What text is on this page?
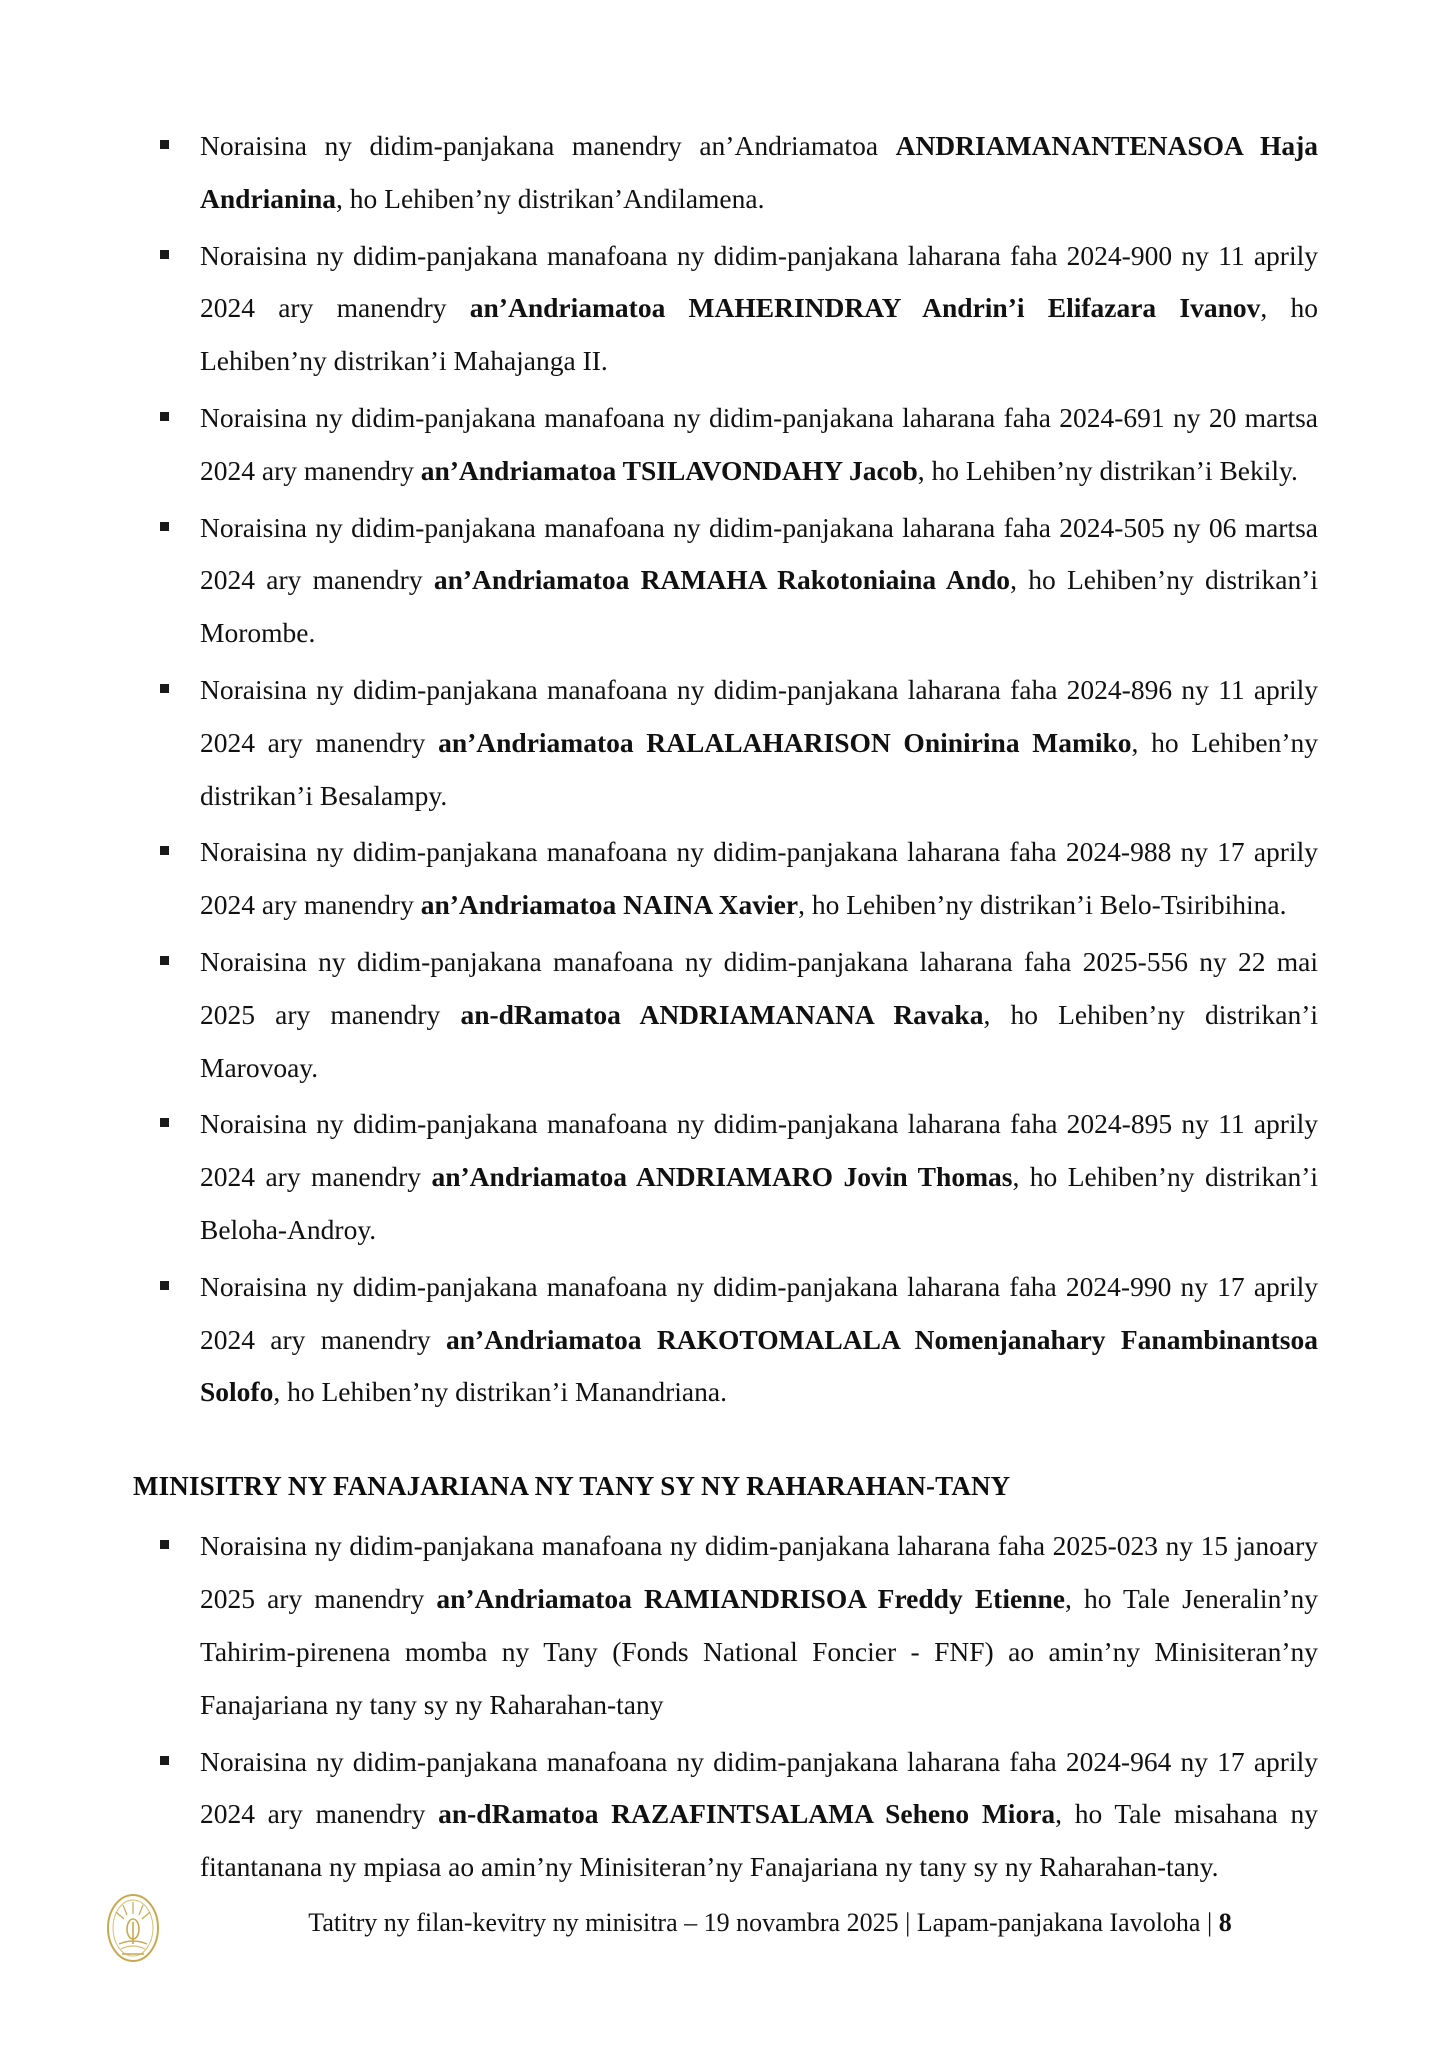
Noraisina ny didim-panjakana manendry an’Andriamatoa ANDRIAMANANTENASOA Haja Andrianina, ho Lehiben’ny distrikan’Andilamena.
Noraisina ny didim-panjakana manafoana ny didim-panjakana laharana faha 2024-900 ny 11 aprily 2024 ary manendry an’Andriamatoa MAHERINDRAY Andrin’i Elifazara Ivanov, ho Lehiben’ny distrikan’i Mahajanga II.
Noraisina ny didim-panjakana manafoana ny didim-panjakana laharana faha 2024-691 ny 20 martsa 2024 ary manendry an’Andriamatoa TSILAVONDAHY Jacob, ho Lehiben’ny distrikan’i Bekily.
Noraisina ny didim-panjakana manafoana ny didim-panjakana laharana faha 2024-505 ny 06 martsa 2024 ary manendry an’Andriamatoa RAMAHA Rakotoniaina Ando, ho Lehiben’ny distrikan’i Morombe.
Noraisina ny didim-panjakana manafoana ny didim-panjakana laharana faha 2024-896 ny 11 aprily 2024 ary manendry an’Andriamatoa RALALAHARISON Oninirina Mamiko, ho Lehiben’ny distrikan’i Besalampy.
Noraisina ny didim-panjakana manafoana ny didim-panjakana laharana faha 2024-988 ny 17 aprily 2024 ary manendry an’Andriamatoa NAINA Xavier, ho Lehiben’ny distrikan’i Belo-Tsiribihina.
Noraisina ny didim-panjakana manafoana ny didim-panjakana laharana faha 2025-556 ny 22 mai 2025 ary manendry an-dRamatoa ANDRIAMANANA Ravaka, ho Lehiben’ny distrikan’i Marovoay.
Noraisina ny didim-panjakana manafoana ny didim-panjakana laharana faha 2024-895 ny 11 aprily 2024 ary manendry an’Andriamatoa ANDRIAMARO Jovin Thomas, ho Lehiben’ny distrikan’i Beloha-Androy.
Noraisina ny didim-panjakana manafoana ny didim-panjakana laharana faha 2024-990 ny 17 aprily 2024 ary manendry an’Andriamatoa RAKOTOMALALA Nomenjanahary Fanambinantsoa Solofo, ho Lehiben’ny distrikan’i Manandriana.
MINISITRY NY FANAJARIANA NY TANY SY NY RAHARAHAN-TANY
Noraisina ny didim-panjakana manafoana ny didim-panjakana laharana faha 2025-023 ny 15 janoary 2025 ary manendry an’Andriamatoa RAMIANDRISOA Freddy Etienne, ho Tale Jeneralin’ny Tahirim-pirenena momba ny Tany (Fonds National Foncier - FNF) ao amin’ny Minisiteran’ny Fanajariana ny tany sy ny Raharahan-tany
Noraisina ny didim-panjakana manafoana ny didim-panjakana laharana faha 2024-964 ny 17 aprily 2024 ary manendry an-dRamatoa RAZAFINTSALAMA Seheno Miora, ho Tale misahana ny fitantanana ny mpiasa ao amin’ny Minisiteran’ny Fanajariana ny tany sy ny Raharahan-tany.
Tatitry ny filan-kevitry ny minisitra – 19 novambra 2025 | Lapam-panjakana Iavoloha | 8
